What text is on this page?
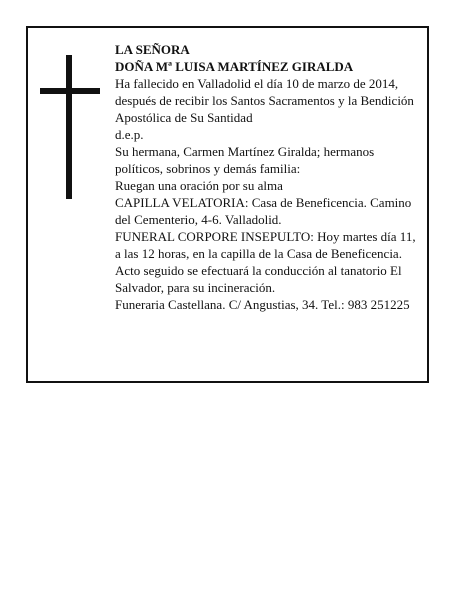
LA SEÑORA

DOÑA Mª LUISA MARTÍNEZ GIRALDA

Ha fallecido en Valladolid el día 10 de marzo de 2014, después de recibir los Santos Sacramentos y la Bendición Apostólica de Su Santidad

d.e.p.

Su hermana, Carmen Martínez Giralda; hermanos políticos, sobrinos y demás familia:

Ruegan una oración por su alma

CAPILLA VELATORIA: Casa de Beneficencia. Camino del Cementerio, 4-6. Valladolid.

FUNERAL CORPORE INSEPULTO: Hoy martes día 11, a las 12 horas, en la capilla de la Casa de Beneficencia. Acto seguido se efectuará la conducción al tanatorio El Salvador, para su incineración.

Funeraria Castellana. C/ Angustias, 34. Tel.: 983 251225
